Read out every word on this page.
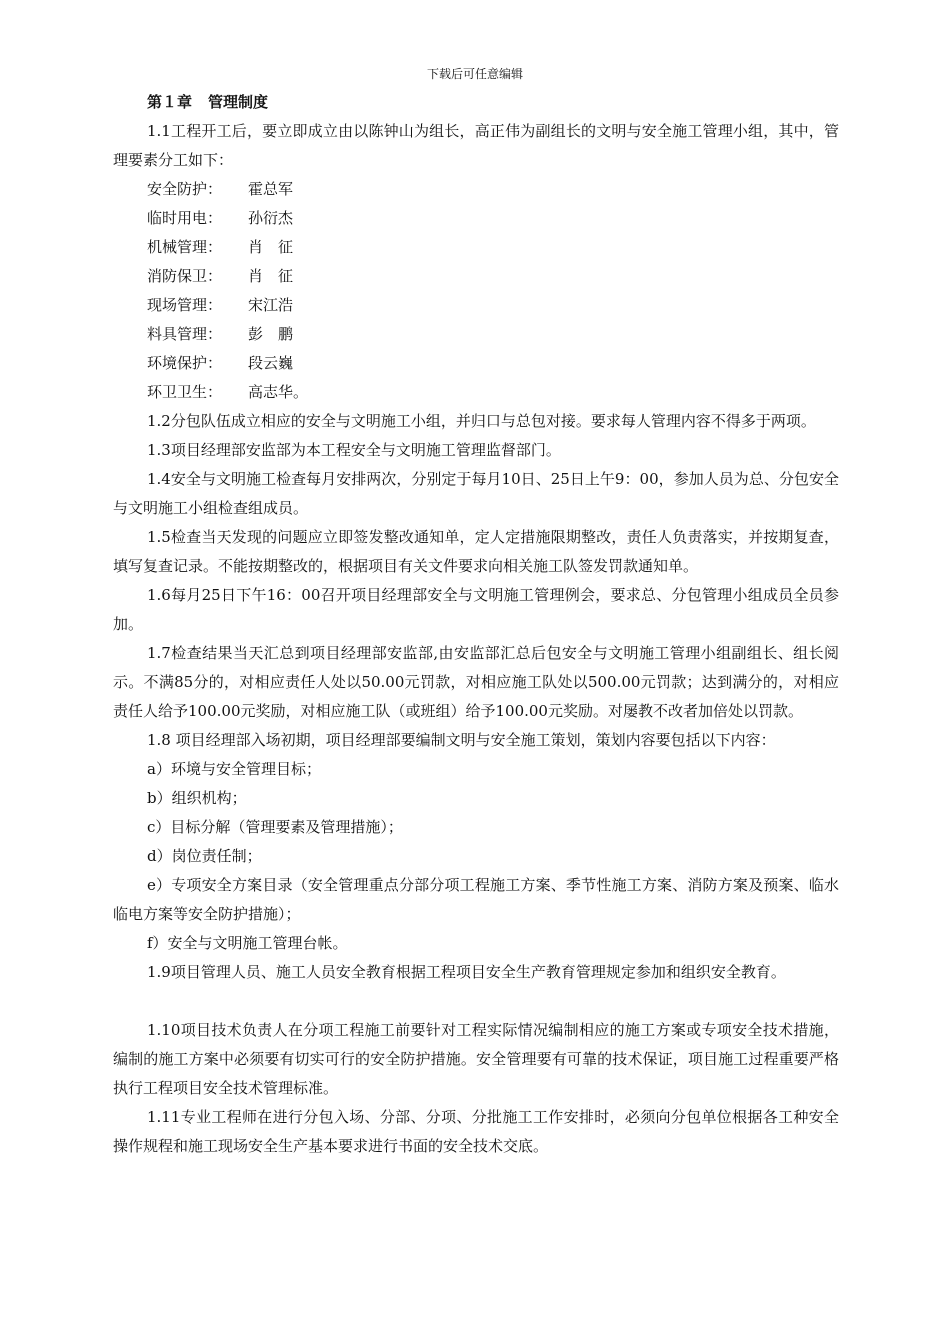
下载后可任意编辑
第１章 管理制度

1.1工程开工后，要立即成立由以陈钟山为组长，高正伟为副组长的文明与安全施工管理小组，其中，管理要素分工如下：

安全防护：	霍总军
临时用电：	孙衍杰
机械管理：	肖　征
消防保卫：	肖　征
现场管理：	宋江浩
料具管理：	彭　鹏
环境保护：	段云巍
环卫卫生：	高志华。

1.2分包队伍成立相应的安全与文明施工小组，并归口与总包对接。要求每人管理内容不得多于两项。

1.3项目经理部安监部为本工程安全与文明施工管理监督部门。

1.4安全与文明施工检查每月安排两次，分别定于每月10日、25日上午9：00，参加人员为总、分包安全与文明施工小组检查组成员。

1.5检查当天发现的问题应立即签发整改通知单，定人定措施限期整改，责任人负责落实，并按期复查，填写复查记录。不能按期整改的，根据项目有关文件要求向相关施工队签发罚款通知单。

1.6每月25日下午16：00召开项目经理部安全与文明施工管理例会，要求总、分包管理小组成员全员参加。

1.7检查结果当天汇总到项目经理部安监部,由安监部汇总后包安全与文明施工管理小组副组长、组长阅示。不满85分的，对相应责任人处以50.00元罚款，对相应施工队处以500.00元罚款；达到满分的，对相应责任人给予100.00元奖励，对相应施工队（或班组）给予100.00元奖励。对屡教不改者加倍处以罚款。

1.8 项目经理部入场初期，项目经理部要编制文明与安全施工策划，策划内容要包括以下内容：

a）环境与安全管理目标；
b）组织机构；
c）目标分解（管理要素及管理措施）；
d）岗位责任制；
e）专项安全方案目录（安全管理重点分部分项工程施工方案、季节性施工方案、消防方案及预案、临水临电方案等安全防护措施）；
f）安全与文明施工管理台帐。

1.9项目管理人员、施工人员安全教育根据工程项目安全生产教育管理规定参加和组织安全教育。

1.10项目技术负责人在分项工程施工前要针对工程实际情况编制相应的施工方案或专项安全技术措施，编制的施工方案中必须要有切实可行的安全防护措施。安全管理要有可靠的技术保证，项目施工过程重要严格执行工程项目安全技术管理标准。

1.11专业工程师在进行分包入场、分部、分项、分批施工工作安排时，必须向分包单位根据各工种安全操作规程和施工现场安全生产基本要求进行书面的安全技术交底。
